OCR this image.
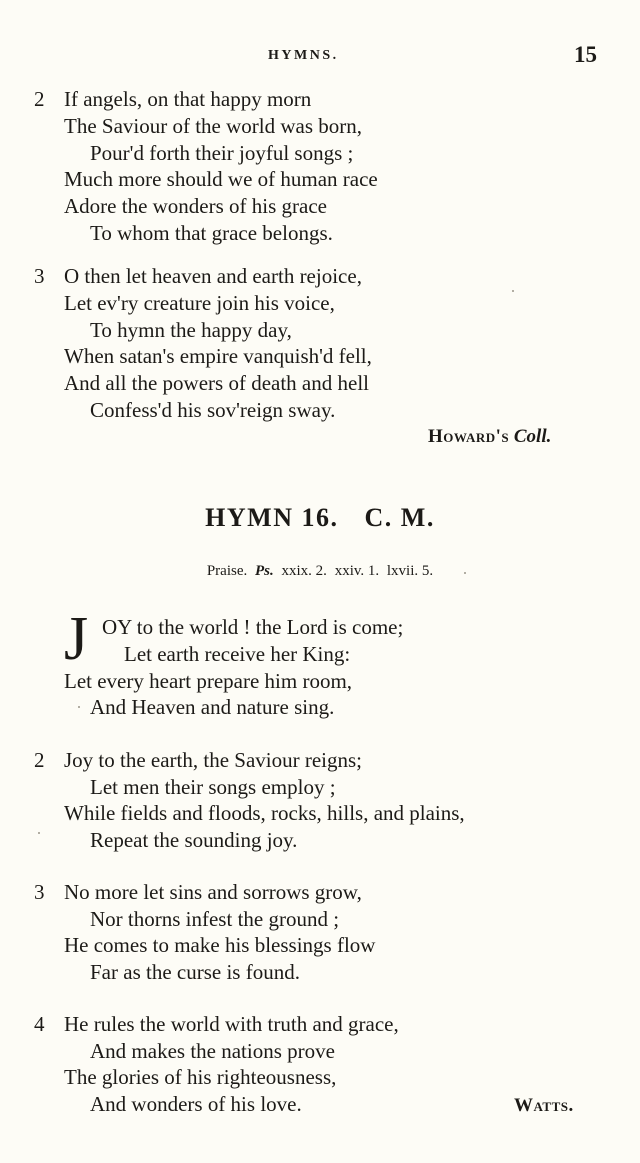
HYMNS.	15
2 If angels, on that happy morn
The Saviour of the world was born,
Pour'd forth their joyful songs ;
Much more should we of human race
Adore the wonders of his grace
To whom that grace belongs.
3 O then let heaven and earth rejoice,
Let ev'ry creature join his voice,
To hymn the happy day,
When satan's empire vanquish'd fell,
And all the powers of death and hell
Confess'd his sov'reign sway.
Howard's Coll.
HYMN 16. C. M.
Praise. Ps. xxix. 2. xxiv. 1. lxvii. 5.
J OY to the world ! the Lord is come;
Let earth receive her King:
Let every heart prepare him room,
And Heaven and nature sing.
2 Joy to the earth, the Saviour reigns;
Let men their songs employ ;
While fields and floods, rocks, hills, and plains,
Repeat the sounding joy.
3 No more let sins and sorrows grow,
Nor thorns infest the ground ;
He comes to make his blessings flow
Far as the curse is found.
4 He rules the world with truth and grace,
And makes the nations prove
The glories of his righteousness,
And wonders of his love.	Watts.
